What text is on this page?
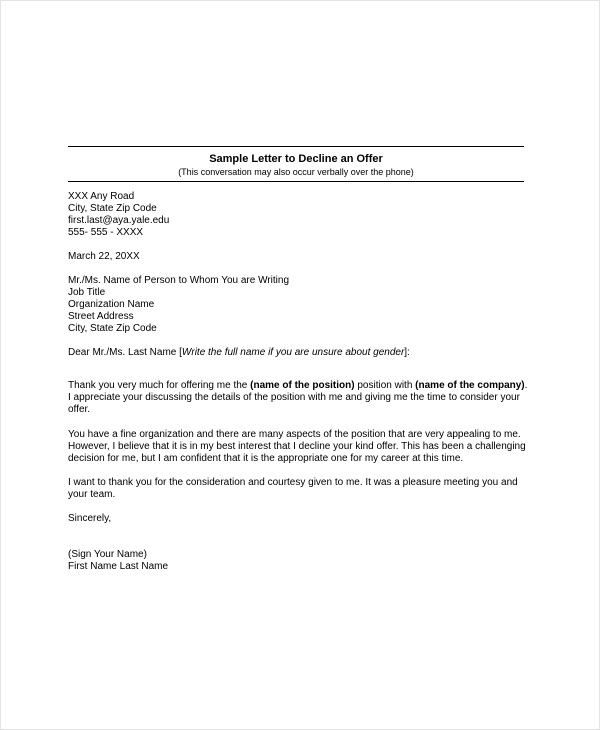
Sample Letter to Decline an Offer
(This conversation may also occur verbally over the phone)
XXX Any Road
City, State Zip Code
first.last@aya.yale.edu
555- 555 - XXXX
March 22, 20XX
Mr./Ms. Name of Person to Whom You are Writing
Job Title
Organization Name
Street Address
City, State Zip Code
Dear Mr./Ms. Last Name [Write the full name if you are unsure about gender]:
Thank you very much for offering me the (name of the position) position with (name of the company).
I appreciate your discussing the details of the position with me and giving me the time to consider your
offer.
You have a fine organization and there are many aspects of the position that are very appealing to me.
However, I believe that it is in my best interest that I decline your kind offer. This has been a challenging
decision for me, but I am confident that it is the appropriate one for my career at this time.
I want to thank you for the consideration and courtesy given to me. It was a pleasure meeting you and
your team.
Sincerely,
(Sign Your Name)
First Name Last Name
